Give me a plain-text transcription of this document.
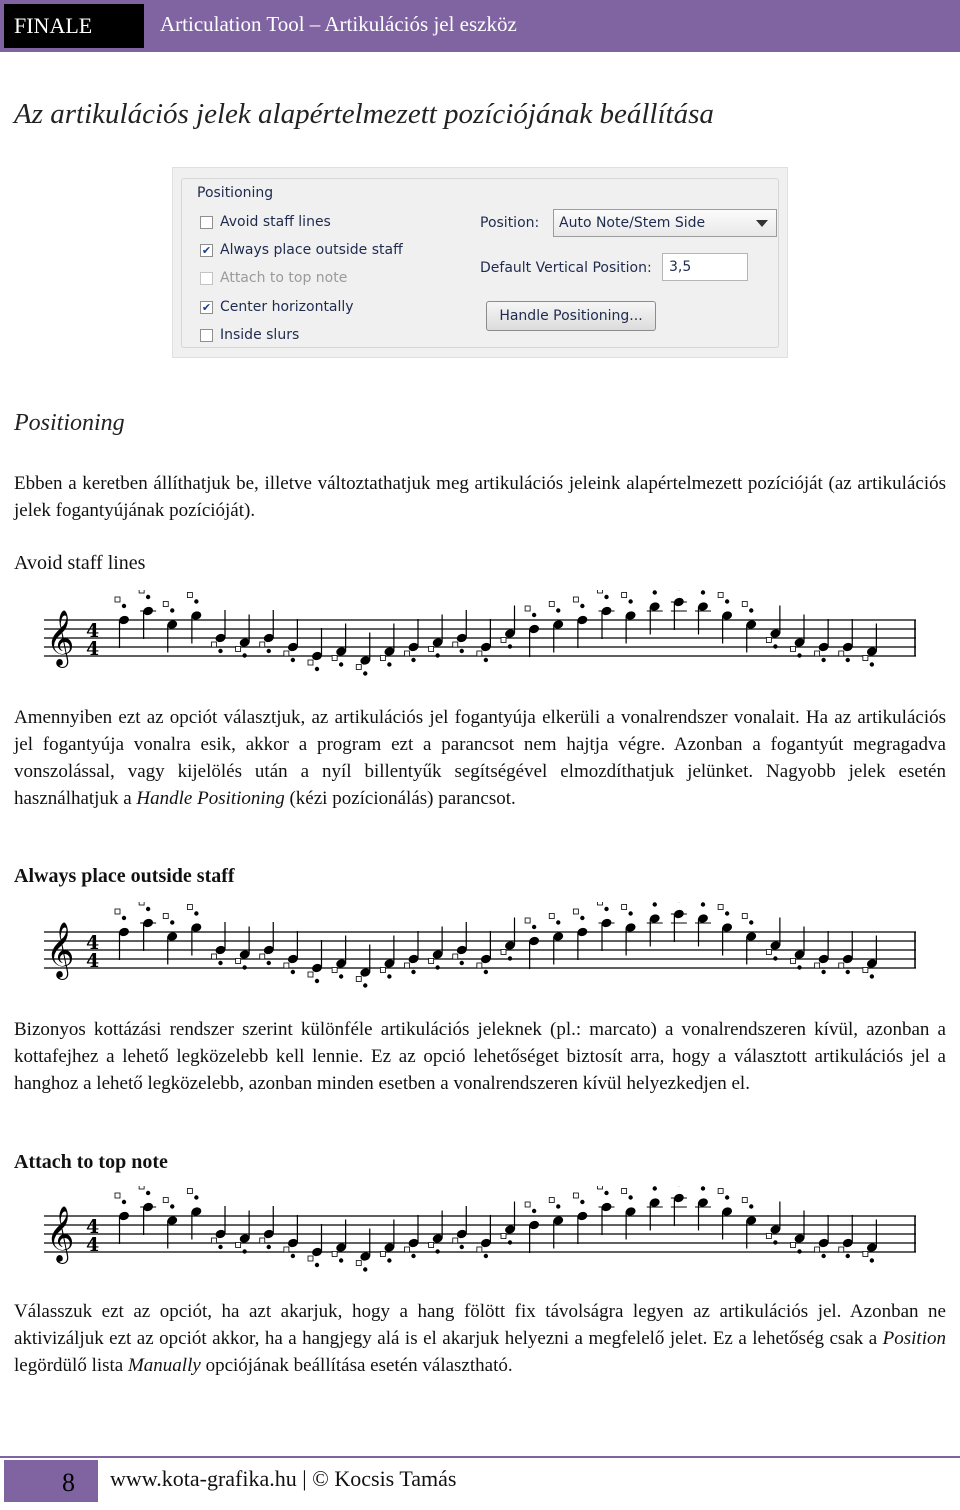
FINALE	Articulation Tool – Artikulációs jel eszköz
Az artikulációs jelek alapértelmezett pozíciójának beállítása
Positioning
Avoid staff lines
✔ Always place outside staff
Attach to top note
✔ Center horizontally
Inside slurs
Position:	Auto Note/Stem Side
Default Vertical Position:	3,5
Handle Positioning...
Positioning
Ebben a keretben állíthatjuk be, illetve változtathatjuk meg artikulációs jeleink alapértelmezett pozícióját (az artikulációs jelek fogantyújának pozícióját).
Avoid staff lines
𝄞 4
4
Amennyiben ezt az opciót választjuk, az artikulációs jel fogantyúja elkerüli a vonalrendszer vonalait. Ha az artikulációs jel fogantyúja vonalra esik, akkor a program ezt a parancsot nem hajtja végre. Azonban a fogantyút megragadva vonszolással, vagy kijelölés után a nyíl billentyűk segítségével elmozdíthatjuk jelünket. Nagyobb jelek esetén használhatjuk a Handle Positioning (kézi pozícionálás) parancsot.
Always place outside staff
𝄞 4
4
Bizonyos kottázási rendszer szerint különféle artikulációs jeleknek (pl.: marcato) a vonalrendszeren kívül, azonban a kottafejhez a lehető legközelebb kell lennie. Ez az opció lehetőséget biztosít arra, hogy a választott artikulációs jel a hanghoz a lehető legközelebb, azonban minden esetben a vonalrendszeren kívül helyezkedjen el.
Attach to top note
𝄞 4
4
Válasszuk ezt az opciót, ha azt akarjuk, hogy a hang fölött fix távolságra legyen az artikulációs jel. Azonban ne aktivizáljuk ezt az opciót akkor, ha a hangjegy alá is el akarjuk helyezni a megfelelő jelet. Ez a lehetőség csak a Position legördülő lista Manually opciójának beállítása esetén választható.
8 www.kota-grafika.hu | © Kocsis Tamás
